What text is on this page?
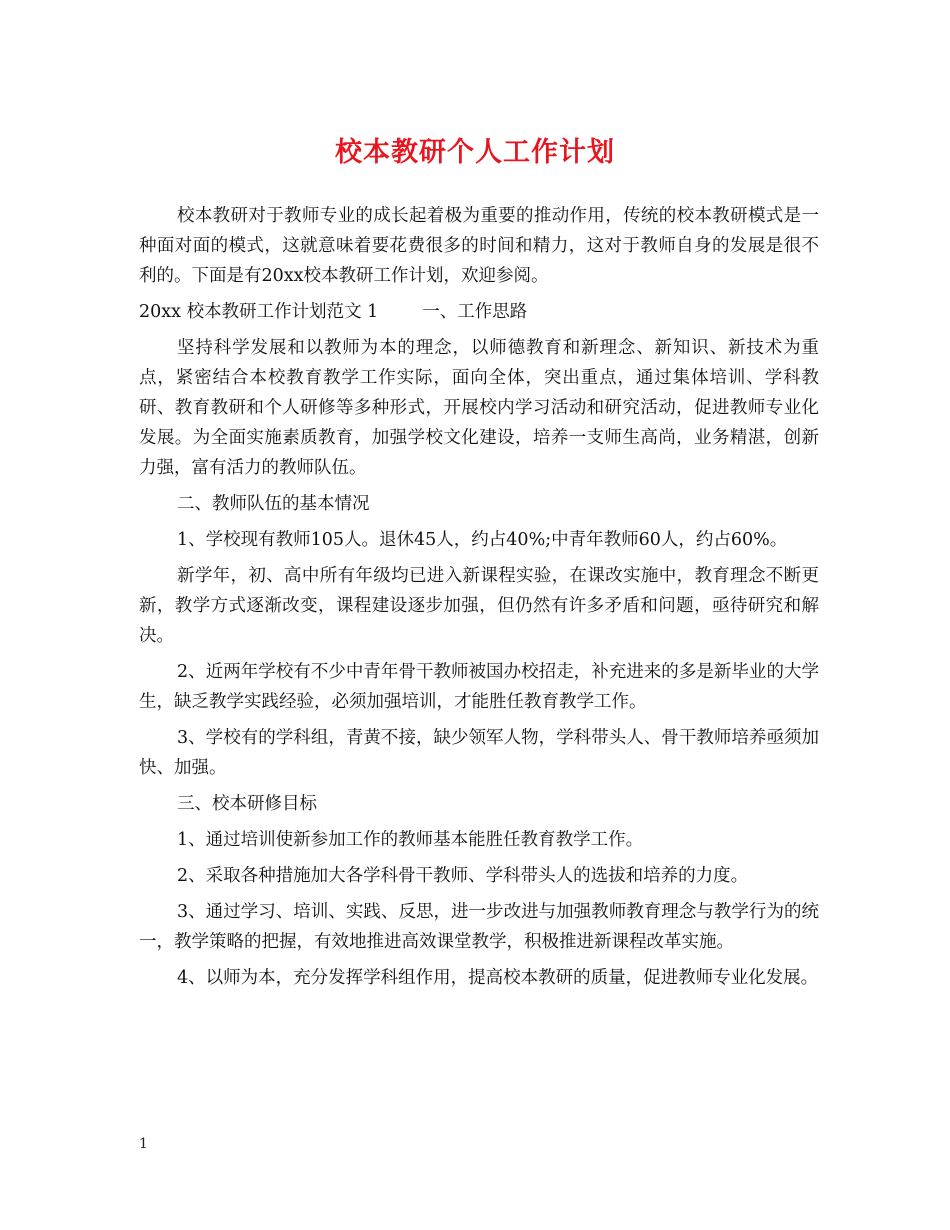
校本教研个人工作计划

校本教研对于教师专业的成长起着极为重要的推动作用，传统的校本教研模式是一种面对面的模式，这就意味着要花费很多的时间和精力，这对于教师自身的发展是很不利的。下面是有20xx校本教研工作计划，欢迎参阅。

20xx 校本教研工作计划范文 1	一、工作思路

坚持科学发展和以教师为本的理念，以师德教育和新理念、新知识、新技术为重点，紧密结合本校教育教学工作实际，面向全体，突出重点，通过集体培训、学科教研、教育教研和个人研修等多种形式，开展校内学习活动和研究活动，促进教师专业化发展。为全面实施素质教育，加强学校文化建设，培养一支师生高尚，业务精湛，创新力强，富有活力的教师队伍。

二、教师队伍的基本情况

1、学校现有教师105人。退休45人，约占40%;中青年教师60人，约占60%。

新学年，初、高中所有年级均已进入新课程实验，在课改实施中，教育理念不断更新，教学方式逐渐改变，课程建设逐步加强，但仍然有许多矛盾和问题，亟待研究和解决。

2、近两年学校有不少中青年骨干教师被国办校招走，补充进来的多是新毕业的大学生，缺乏教学实践经验，必须加强培训，才能胜任教育教学工作。

3、学校有的学科组，青黄不接，缺少领军人物，学科带头人、骨干教师培养亟须加快、加强。

三、校本研修目标

1、通过培训使新参加工作的教师基本能胜任教育教学工作。

2、采取各种措施加大各学科骨干教师、学科带头人的选拔和培养的力度。

3、通过学习、培训、实践、反思，进一步改进与加强教师教育理念与教学行为的统一，教学策略的把握，有效地推进高效课堂教学，积极推进新课程改革实施。

4、以师为本，充分发挥学科组作用，提高校本教研的质量，促进教师专业化发展。

1
